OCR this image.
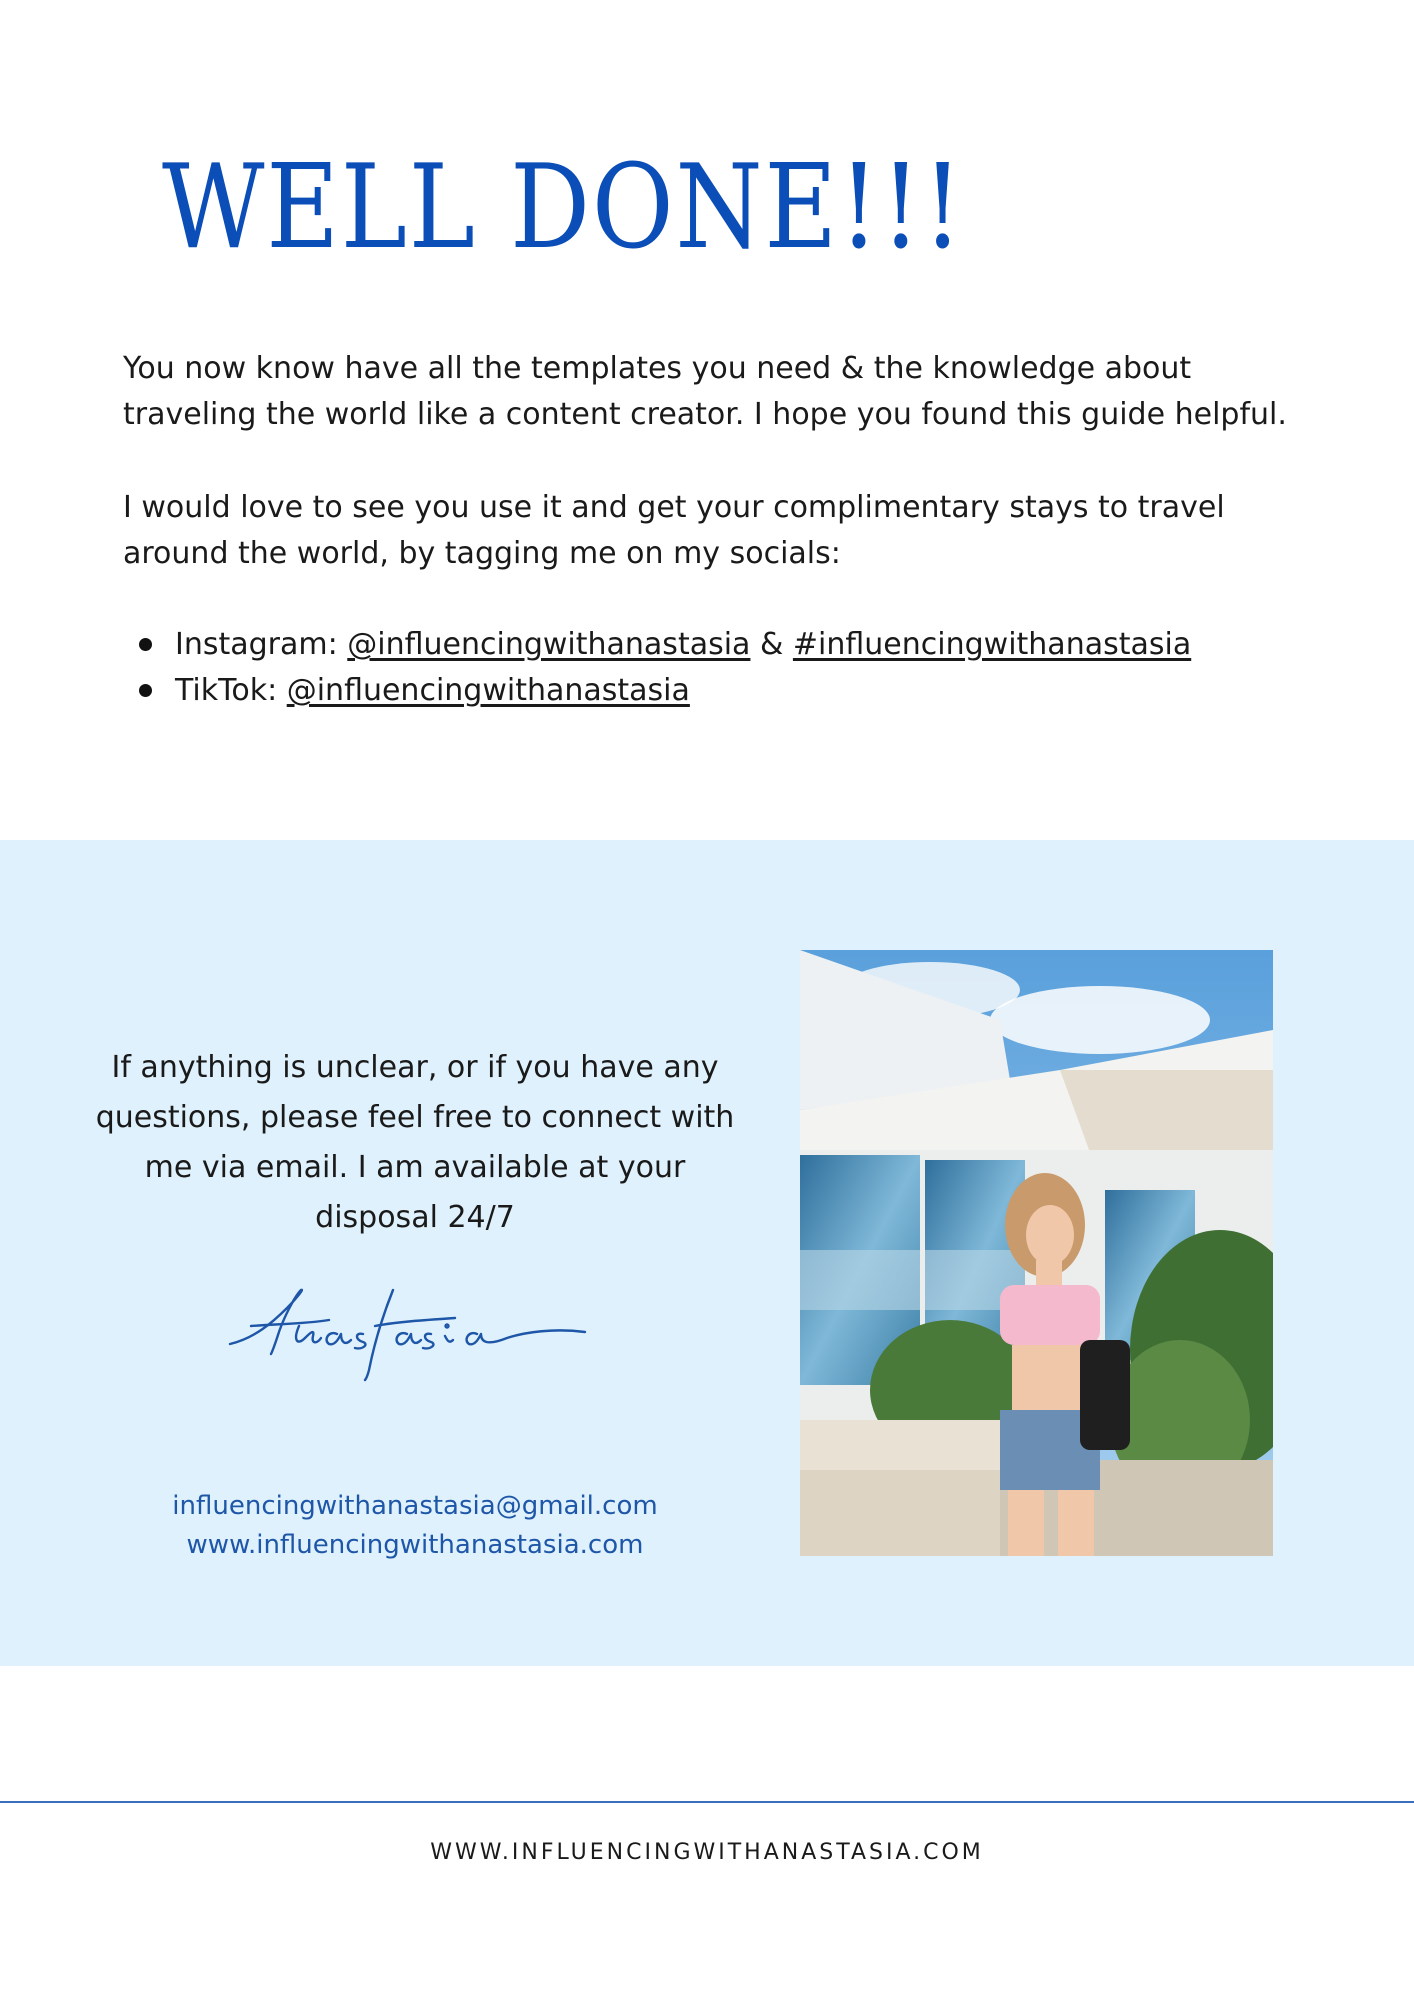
WELL DONE!!!

You now know have all the templates you need & the knowledge about traveling the world like a content creator. I hope you found this guide helpful.

I would love to see you use it and get your complimentary stays to travel around the world, by tagging me on my socials:

Instagram: @influencingwithanastasia & #influencingwithanastasia
TikTok: @influencingwithanastasia

If anything is unclear, or if you have any questions, please feel free to connect with me via email. I am available at your disposal 24/7

influencingwithanastasia@gmail.com
www.influencingwithanastasia.com
WWW.INFLUENCINGWITHANASTASIA.COM
